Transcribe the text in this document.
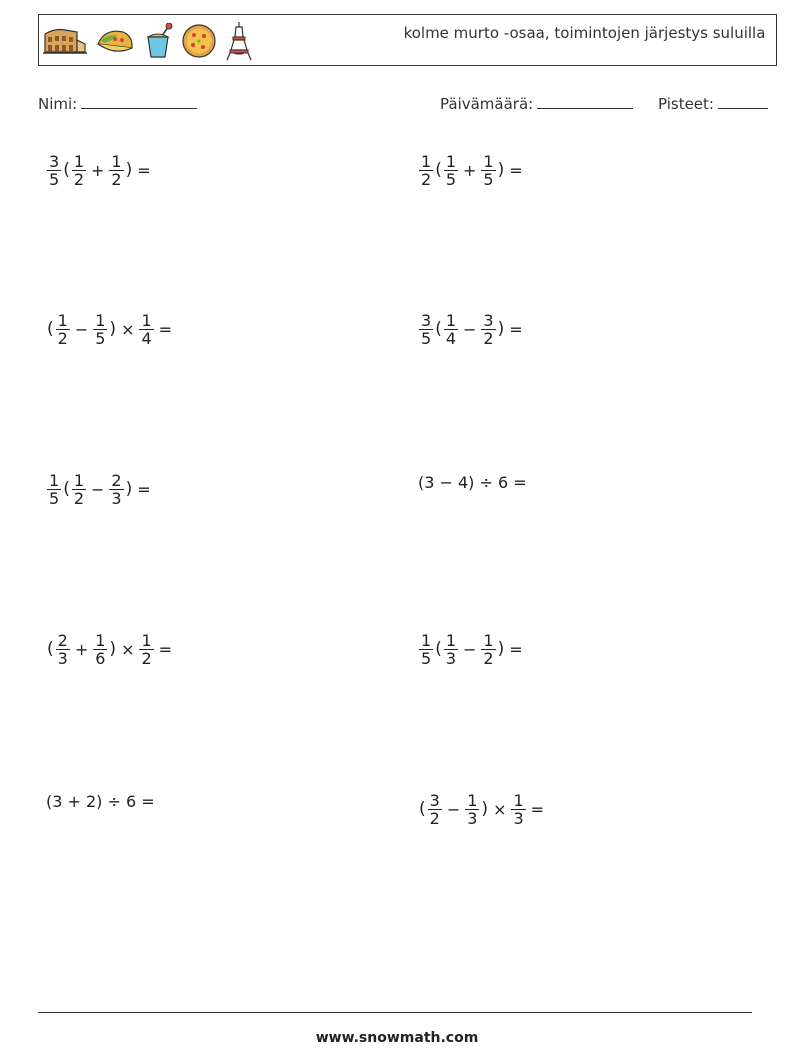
kolme murto -osaa, toimintojen järjestys suluilla
Nimi:	Päivämäärä:	Pisteet:
$\frac{3}{5}$ ( $\frac{1}{2} + \frac{1}{2}$ ) =	$\frac{1}{2}$ ( $\frac{1}{5} + \frac{1}{5}$ ) =
( $\frac{1}{2} - \frac{1}{5}$ ) × $\frac{1}{4}$ =	$\frac{3}{5}$ ( $\frac{1}{4} - \frac{3}{2}$ ) =
$\frac{1}{5}$ ( $\frac{1}{2} - \frac{2}{3}$ ) =	(3 − 4) ÷ 6 =
( $\frac{2}{3} + \frac{1}{6}$ ) × $\frac{1}{2}$ =	$\frac{1}{5}$ ( $\frac{1}{3} - \frac{1}{2}$ ) =
(3 + 2) ÷ 6 =	( $\frac{3}{2} - \frac{1}{3}$ ) × $\frac{1}{3}$ =
www.snowmath.com
